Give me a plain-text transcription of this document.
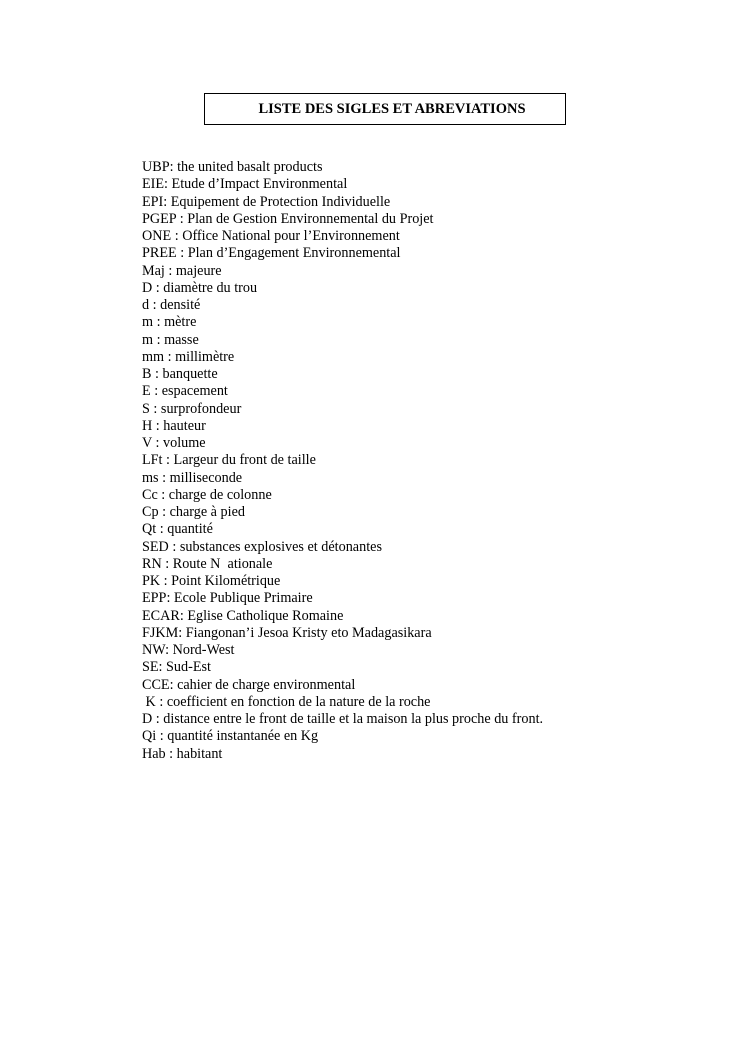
LISTE DES SIGLES ET ABREVIATIONS
UBP: the united basalt products
EIE: Etude d’Impact Environmental
EPI: Equipement de Protection Individuelle
PGEP : Plan de Gestion Environnemental du Projet
ONE : Office National pour l’Environnement
PREE : Plan d’Engagement Environnemental
Maj : majeure
D : diamètre du trou
d : densité
m : mètre
m : masse
mm : millimètre
B : banquette
E : espacement
S : surprofondeur
H : hauteur
V : volume
LFt : Largeur du front de taille
ms : milliseconde
Cc : charge de colonne
Cp : charge à pied
Qt : quantité
SED : substances explosives et détonantes
RN : Route N  ationale
PK : Point Kilométrique
EPP: Ecole Publique Primaire
ECAR: Eglise Catholique Romaine
FJKM: Fiangonan’i Jesoa Kristy eto Madagasikara
NW: Nord-West
SE: Sud-Est
CCE: cahier de charge environmental
K : coefficient en fonction de la nature de la roche
D : distance entre le front de taille et la maison la plus proche du front.
Qi : quantité instantanée en Kg
Hab : habitant
